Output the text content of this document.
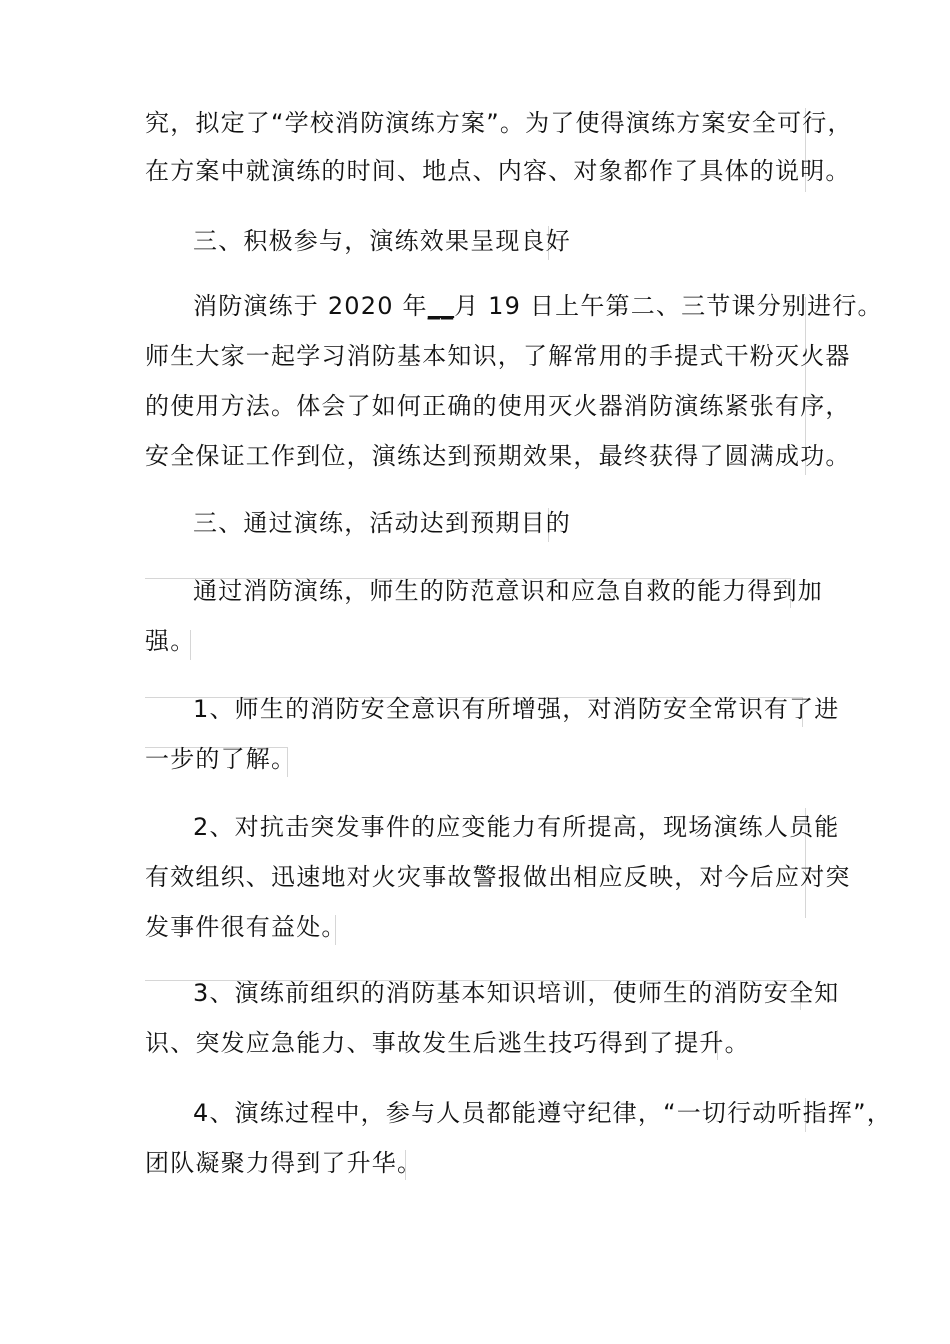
究，拟定了“学校消防演练方案”。为了使得演练方案安全可行，
在方案中就演练的时间、地点、内容、对象都作了具体的说明。
三、积极参与，演练效果呈现良好
消防演练于 2020 年__月 19 日上午第二、三节课分别进行。
师生大家一起学习消防基本知识，了解常用的手提式干粉灭火器
的使用方法。体会了如何正确的使用灭火器消防演练紧张有序，
安全保证工作到位，演练达到预期效果，最终获得了圆满成功。
三、通过演练，活动达到预期目的
通过消防演练，师生的防范意识和应急自救的能力得到加
强。
1、师生的消防安全意识有所增强，对消防安全常识有了进
一步的了解。
2、对抗击突发事件的应变能力有所提高，现场演练人员能
有效组织、迅速地对火灾事故警报做出相应反映，对今后应对突
发事件很有益处。
3、演练前组织的消防基本知识培训，使师生的消防安全知
识、突发应急能力、事故发生后逃生技巧得到了提升。
4、演练过程中，参与人员都能遵守纪律，“一切行动听指挥”，
团队凝聚力得到了升华。
